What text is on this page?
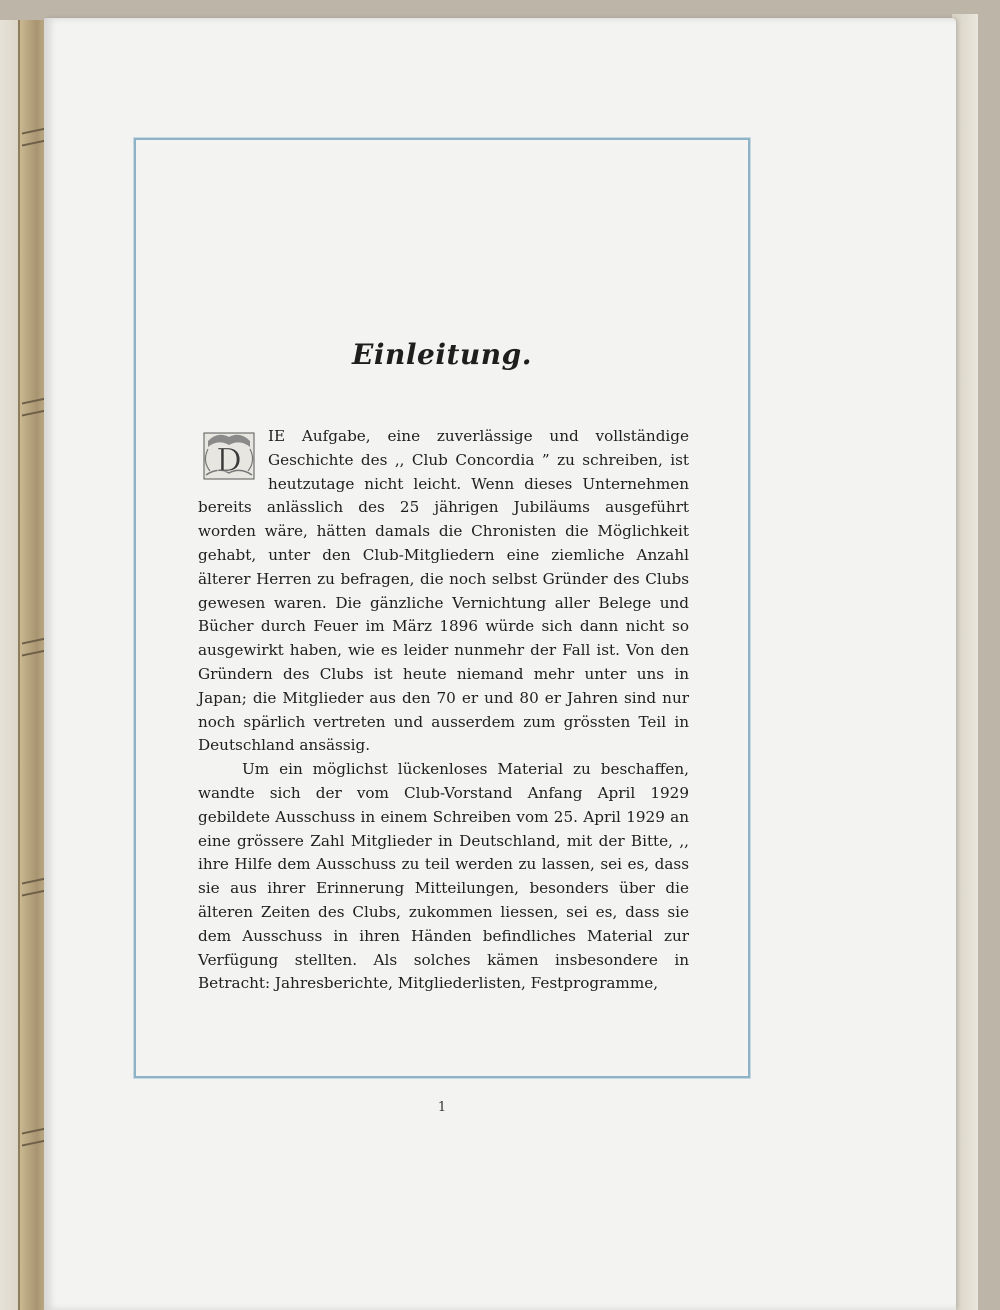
Einleitung.

D
IE Aufgabe, eine zuverlässige und vollständige Geschichte des ,, Club Concordia ” zu schreiben, ist heutzutage nicht leicht. Wenn dieses Unternehmen bereits anlässlich des 25 jährigen Jubiläums ausgeführt worden wäre, hätten damals die Chronisten die Möglichkeit gehabt, unter den Club-Mitgliedern eine ziemliche Anzahl älterer Herren zu befragen, die noch selbst Gründer des Clubs gewesen waren. Die gänzliche Vernichtung aller Belege und Bücher durch Feuer im März 1896 würde sich dann nicht so ausgewirkt haben, wie es leider nunmehr der Fall ist. Von den Gründern des Clubs ist heute niemand mehr unter uns in Japan; die Mitglieder aus den 70 er und 80 er Jahren sind nur noch spärlich vertreten und ausserdem zum grössten Teil in Deutschland ansässig.

Um ein möglichst lückenloses Material zu beschaffen, wandte sich der vom Club-Vorstand Anfang April 1929 gebildete Ausschuss in einem Schreiben vom 25. April 1929 an eine grössere Zahl Mitglieder in Deutschland, mit der Bitte, ,, ihre Hilfe dem Ausschuss zu teil werden zu lassen, sei es, dass sie aus ihrer Erinnerung Mitteilungen, besonders über die älteren Zeiten des Clubs, zukommen liessen, sei es, dass sie dem Ausschuss in ihren Händen befindliches Material zur Verfügung stellten. Als solches kämen insbesondere in Betracht: Jahresberichte, Mitgliederlisten, Festprogramme,

1
